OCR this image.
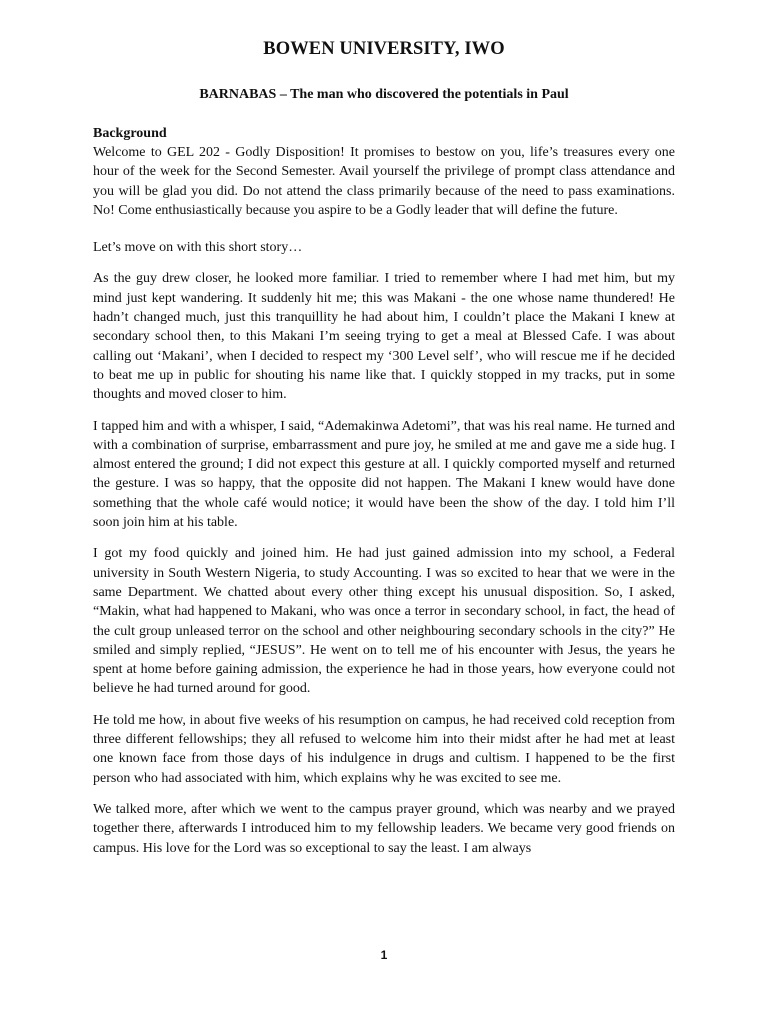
BOWEN UNIVERSITY, IWO
BARNABAS – The man who discovered the potentials in Paul
Background

Welcome to GEL 202 - Godly Disposition! It promises to bestow on you, life’s treasures every one hour of the week for the Second Semester. Avail yourself the privilege of prompt class attendance and you will be glad you did. Do not attend the class primarily because of the need to pass examinations. No! Come enthusiastically because you aspire to be a Godly leader that will define the future.

Let’s move on with this short story…

As the guy drew closer, he looked more familiar. I tried to remember where I had met him, but my mind just kept wandering. It suddenly hit me; this was Makani - the one whose name thundered! He hadn’t changed much, just this tranquillity he had about him, I couldn’t place the Makani I knew at secondary school then, to this Makani I’m seeing trying to get a meal at Blessed Cafe. I was about calling out ‘Makani’, when I decided to respect my ‘300 Level self’, who will rescue me if he decided to beat me up in public for shouting his name like that. I quickly stopped in my tracks, put in some thoughts and moved closer to him.

I tapped him and with a whisper, I said, “Ademakinwa Adetomi”, that was his real name. He turned and with a combination of surprise, embarrassment and pure joy, he smiled at me and gave me a side hug. I almost entered the ground; I did not expect this gesture at all. I quickly comported myself and returned the gesture. I was so happy, that the opposite did not happen. The Makani I knew would have done something that the whole café would notice; it would have been the show of the day. I told him I’ll soon join him at his table.

I got my food quickly and joined him. He had just gained admission into my school, a Federal university in South Western Nigeria, to study Accounting. I was so excited to hear that we were in the same Department. We chatted about every other thing except his unusual disposition. So, I asked, “Makin, what had happened to Makani, who was once a terror in secondary school, in fact, the head of the cult group unleased terror on the school and other neighbouring secondary schools in the city?” He smiled and simply replied, “JESUS”. He went on to tell me of his encounter with Jesus, the years he spent at home before gaining admission, the experience he had in those years, how everyone could not believe he had turned around for good.

He told me how, in about five weeks of his resumption on campus, he had received cold reception from three different fellowships; they all refused to welcome him into their midst after he had met at least one known face from those days of his indulgence in drugs and cultism. I happened to be the first person who had associated with him, which explains why he was excited to see me.

We talked more, after which we went to the campus prayer ground, which was nearby and we prayed together there, afterwards I introduced him to my fellowship leaders. We became very good friends on campus. His love for the Lord was so exceptional to say the least. I am always

1
